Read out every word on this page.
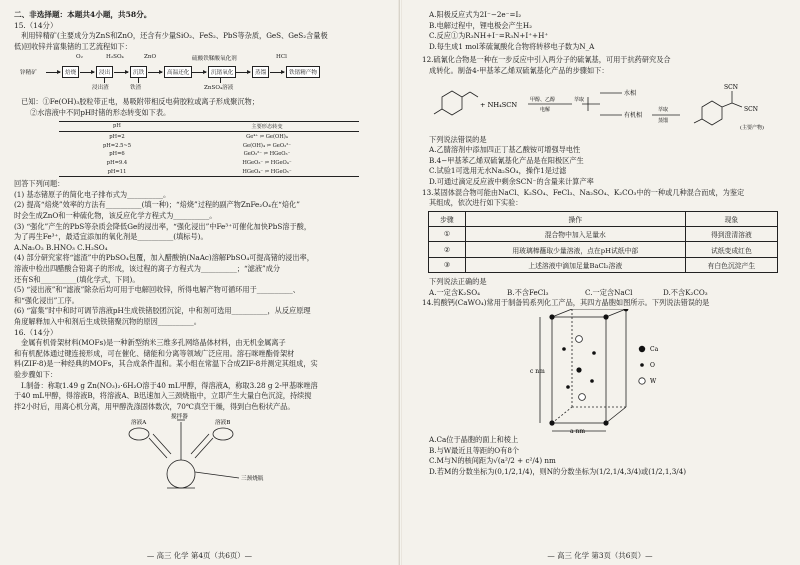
二、非选择题：本题共4小题，共58分。

15.（14分）

利用锌精矿(主要成分为ZnS和ZnO，还含有少量SiO₂、FeS₂、PbS等杂质，GeS、GeS₂含量极

低)回收锌并富集锗的工艺流程如下：

O₂	H₂SO₄	ZnO	硫酸铁鞣酸氧化剂	HCl
锌精矿	焙烧	浸出	沉铁	高温还化	沉锗氧化	蒸馏	铁锗精产物
浸出渣	铁渣	ZnSO₄溶液

已知：①Fe(OH)₃胶粒带正电，易吸附带相反电荷胶粒或离子形成聚沉物；

②水溶液中不同pH时锗的形态转变如下表。

pH	主要形态转变
pH=2	Ge⁴⁺ ⇌ Ge(OH)₄
pH=2.5~5	Ge(OH)₄ ⇌ GeO₃²⁻
pH=6	GeO₃²⁻ ⇌ HGeO₃⁻
pH=9.4	HGeO₃⁻ ⇌ HGeO₄⁻
pH=11	HGeO₄⁻ ⇌ HGeO₅⁻

回答下列问题：

(1) 基态锗原子的简化电子排布式为__________。

(2) 提高“焙烧”效率的方法有__________(填一种)；“焙烧”过程的副产物ZnFe₂O₄在“焙化”

时会生成ZnO和一种硫化物，该反应化学方程式为__________。

(3) “强化”产生的PbS等杂质会降低Ge的浸出率，“强化浸出”中Fe³⁺可催化加快PbS溶于酸，

为了再生Fe³⁺，最适宜添加的氧化剂是__________(填标号)。

A.Na₂O₂ B.HNO₃ C.H₂SO₄

(4) 部分研究家将“滤渣”中的PbSO₄包覆，加入醋酸钠(NaAc)溶解PbSO₄可提高锗的浸出率，

溶液中检出四醋酸合铅离子的形成，该过程的离子方程式为__________；“滤液”成分

还有S和__________(填化学式，下同)。

(5) “浸出液”和“滤液”除杂后均可用于电解回收锌，所得电解产物可循环用于__________、

和“强化浸出”工序。

(6) “富集”时中和时可调节溶液pH生成铁锗胶团沉淀，中和剂可选用__________，从反应原理

角度解释加入中和剂后生成铁锗聚沉物的原因__________。

16.（14分）

金属有机骨架材料(MOFs)是一种新型纳米三维多孔网络晶体材料，由无机金属离子

和有机配体通过键连接形成，可在催化、储能和分离等领域广泛应用。溶石咪唑酯骨架材

料(ZIF-8)是一种经典的MOFs，其合成条件温和。某小组在常温下合成ZIF-8并测定其组成，实

验步骤如下：

Ⅰ.制备：称取1.49 g Zn(NO₃)₂·6H₂O溶于40 mL甲醇，得溶液A，称取3.28 g 2-甲基咪唑溶

于40 mL甲醇，得溶液B，将溶液A、B迅速加入三颈烧瓶中，立即产生大量白色沉淀，持续搅

拌2小时后，用离心机分离，用甲醇洗涤固体数次，70℃真空干燥，得到白色粉状产品。

溶液A
搅拌器
溶液B
三颈烧瓶
— 高三 化学 第4页（共6页）—

A.阳极反应式为2I⁻−2e⁻=I₂

B.电解过程中，锂电极会产生H₂

C.反应①为R₃NH+I⁻=R₃N+I⁺+H⁺

D.每生成1 mol苯硫氰酸化合物将转移电子数为N_A

12.硫氰化合物是一种在一步反应中引入两分子的硫氰基，可用于抗药研究及合

成转化。制备4-甲基苯乙烯双硫氰基化产品的步骤如下：

+ NH₄SCN
甲醇、乙醇
电解
萃取
水相
有机相
萃取
蒸馏
SCN
SCN
(主要产物)

下列说法错误的是

A.乙腈溶剂中添加四正丁基乙酸铵可增强导电性

B.4−甲基苯乙烯双硫氰基化产品是在阳极区产生

C.试验1可选用无水Na₂SO₄，操作1是过滤

D.可通过滴定反应液中剩余SCN⁻的含量来计算产率

13.某固体混合物可能由NaCl、K₂SO₄、FeCl₃、Na₂SO₄、K₂CO₃中的一种或几种混合而成，为鉴定

其组成，依次进行如下实验：

步骤	操作	现象
①	混合物中加入足量水	得到澄清溶液
②	用玻璃棒蘸取少量溶液，点在pH试纸中部	试纸变成红色
③	上述溶液中滴加足量BaCl₂溶液	有白色沉淀产生

下列说法正确的是

A.一定含K₂SO₄	B.不含FeCl₃	C.一定含NaCl	D.不含K₂CO₃

14.钨酸钙(CaWO₄)常用于制备钨系列化工产品，其四方晶胞如图所示。下列说法错误的是

c nm
a nm
Ca
O
W

A.Ca位于晶胞的面上和棱上

B.与W最近且等距的O有8个

C.M与N的核间距为√(a²/2 + c²/4) nm

D.若M的分数坐标为(0,1/2,1/4)，则N的分数坐标为(1/2,1/4,3/4)或(1/2,1,3/4)

— 高三 化学 第3页（共6页）—
